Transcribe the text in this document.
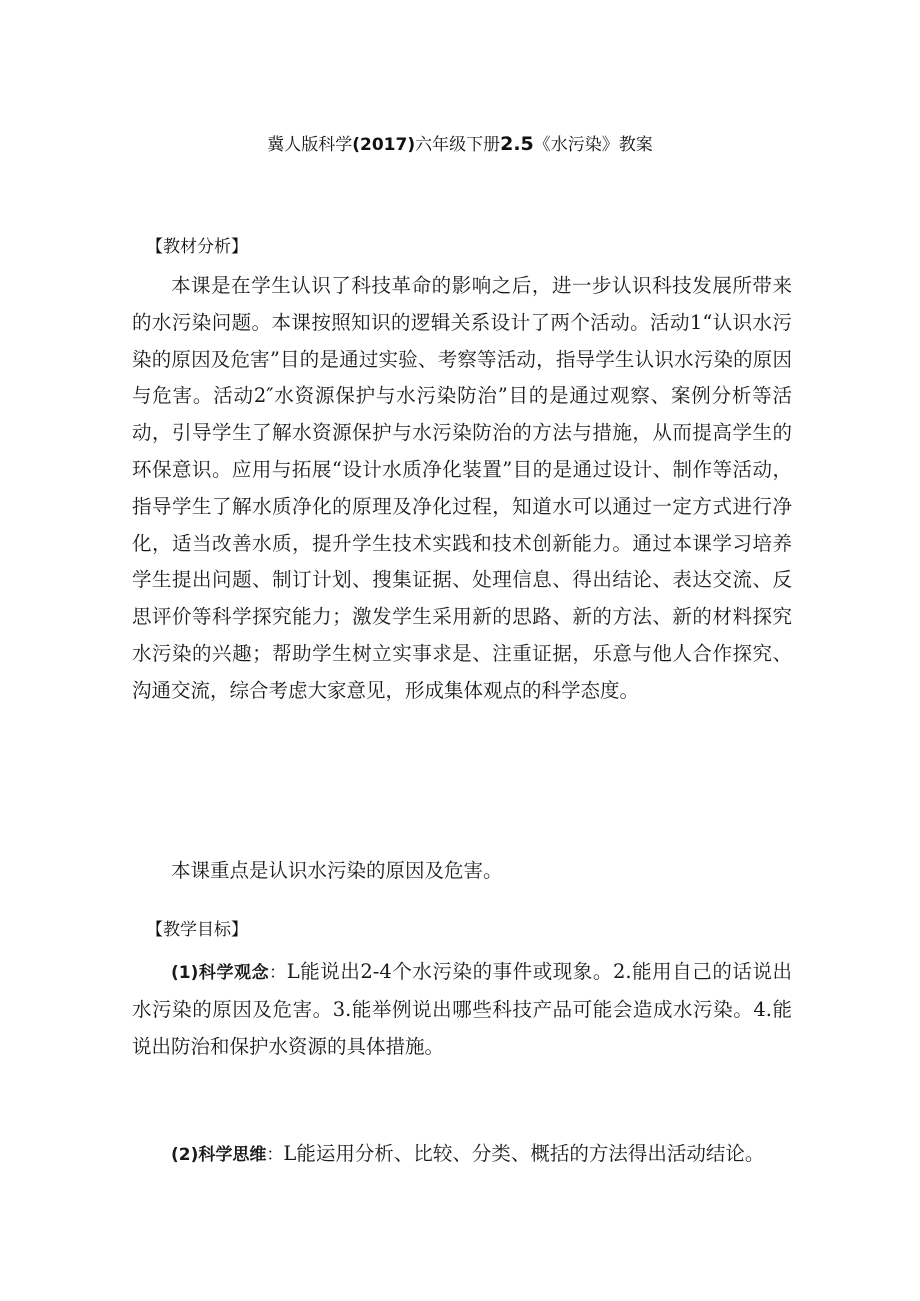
冀人版科学(2017)六年级下册2.5《水污染》教案
【教材分析】
本课是在学生认识了科技革命的影响之后，进一步认识科技发展所带来的水污染问题。本课按照知识的逻辑关系设计了两个活动。活动1“认识水污染的原因及危害”目的是通过实验、考察等活动，指导学生认识水污染的原因与危害。活动2″水资源保护与水污染防治”目的是通过观察、案例分析等活动，引导学生了解水资源保护与水污染防治的方法与措施，从而提高学生的环保意识。应用与拓展“设计水质净化装置”目的是通过设计、制作等活动，指导学生了解水质净化的原理及净化过程，知道水可以通过一定方式进行净化，适当改善水质，提升学生技术实践和技术创新能力。通过本课学习培养学生提出问题、制订计划、搜集证据、处理信息、得出结论、表达交流、反思评价等科学探究能力；激发学生采用新的思路、新的方法、新的材料探究水污染的兴趣；帮助学生树立实事求是、注重证据，乐意与他人合作探究、沟通交流，综合考虑大家意见，形成集体观点的科学态度。
本课重点是认识水污染的原因及危害。
【教学目标】
(1)科学观念：L能说出2-4个水污染的事件或现象。2.能用自己的话说出水污染的原因及危害。3.能举例说出哪些科技产品可能会造成水污染。4.能说出防治和保护水资源的具体措施。
(2)科学思维：L能运用分析、比较、分类、概括的方法得出活动结论。
